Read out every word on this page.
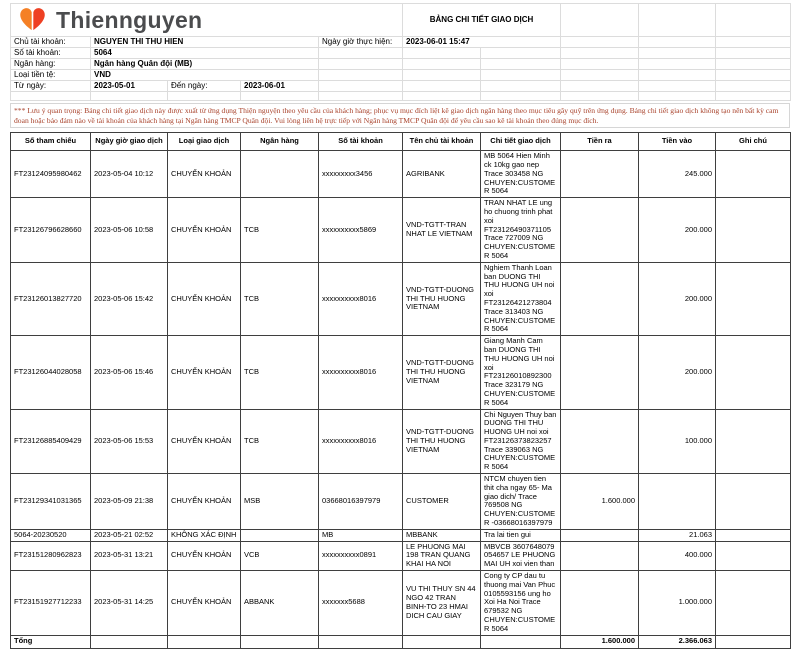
Thiennguyen					BẢNG CHI TIẾT GIAO DỊCH				
Chủ tài khoản:	NGUYEN THI THU HIEN			Ngày giờ thực hiện:	2023-06-01 15:47				
Số tài khoản:	5064								
Ngân hàng:	Ngân hàng Quân đội (MB)								
Loại tiền tệ:	VND								
Từ ngày:	2023-05-01	Đến ngày:	2023-06-01						

*** Lưu ý quan trọng: Bảng chi tiết giao dịch này được xuất từ ứng dụng Thiện nguyện theo yêu cầu của khách hàng; phục vụ mục đích liệt kê giao dịch ngân hàng theo mục tiêu gây quỹ trên ứng dụng. Bảng chi tiết giao dịch không tạo nên bất kỳ cam đoan hoặc bảo đảm nào về tài khoản của khách hàng tại Ngân hàng TMCP Quân đội. Vui lòng liên hệ trực tiếp với Ngân hàng TMCP Quân đội để yêu cầu sao kê tài khoản theo đúng mục đích.
Số tham chiếu	Ngày giờ giao dịch	Loại giao dịch	Ngân hàng	Số tài khoản	Tên chủ tài khoản	Chi tiết giao dịch	Tiền ra	Tiền vào	Ghi chú
FT23124095980462	2023-05-04 10:12	CHUYỂN KHOẢN		xxxxxxxxx3456	AGRIBANK	MB 5064 Hien Minh ck 10kg gao nep Trace 303458 NG CHUYEN:CUSTOMER 5064		245.000	
FT23126796628660	2023-05-06 10:58	CHUYỂN KHOẢN	TCB	xxxxxxxxxx5869	VND-TGTT-TRAN NHAT LE VIETNAM	TRAN NHAT LE ung ho chuong trinh phat xoi FT23126490371105 Trace 727009 NG CHUYEN:CUSTOMER 5064		200.000	
FT23126013827720	2023-05-06 15:42	CHUYỂN KHOẢN	TCB	xxxxxxxxxx8016	VND-TGTT-DUONG THI THU HUONG VIETNAM	Nghiem Thanh Loan ban DUONG THI THU HUONG UH noi xoi FT23126421273804 Trace 313403 NG CHUYEN:CUSTOMER 5064		200.000	
FT23126044028058	2023-05-06 15:46	CHUYỂN KHOẢN	TCB	xxxxxxxxxx8016	VND-TGTT-DUONG THI THU HUONG VIETNAM	Giang Manh Cam ban DUONG THI THU HUONG UH noi xoi FT23126010892300 Trace 323179 NG CHUYEN:CUSTOMER 5064		200.000	
FT23126885409429	2023-05-06 15:53	CHUYỂN KHOẢN	TCB	xxxxxxxxxx8016	VND-TGTT-DUONG THI THU HUONG VIETNAM	Chi Nguyen Thuy ban DUONG THI THU HUONG UH noi xoi FT23126373823257 Trace 339063 NG CHUYEN:CUSTOMER 5064		100.000	
FT23129341031365	2023-05-09 21:38	CHUYỂN KHOẢN	MSB	03668016397979	CUSTOMER	NTCM chuyen tien thit cha ngay 65- Ma giao dich/ Trace 769508 NG CHUYEN:CUSTOMER -03668016397979	1.600.000		
5064-20230520	2023-05-21 02:52	KHÔNG XÁC ĐỊNH		MB	MBBANK	Tra lai tien gui		21.063	
FT23151280962823	2023-05-31 13:21	CHUYỂN KHOẢN	VCB	xxxxxxxxxx0891	LE PHUONG MAI 198 TRAN QUANG KHAI HA NOI	MBVCB 3607648079 054657 LE PHUONG MAI UH xoi vien than		400.000	
FT23151927712233	2023-05-31 14:25	CHUYỂN KHOẢN	ABBANK	xxxxxxx5688	VU THI THUY SN 44 NGO 42 TRAN BINH-TO 23 HMAI DICH CAU GIAY	Cong ty CP dau tu thuong mai Van Phuc 0105593156 ung ho Xoi Ha Noi Trace 679532 NG CHUYEN:CUSTOMER 5064		1.000.000	
Tổng							1.600.000	2.366.063	
